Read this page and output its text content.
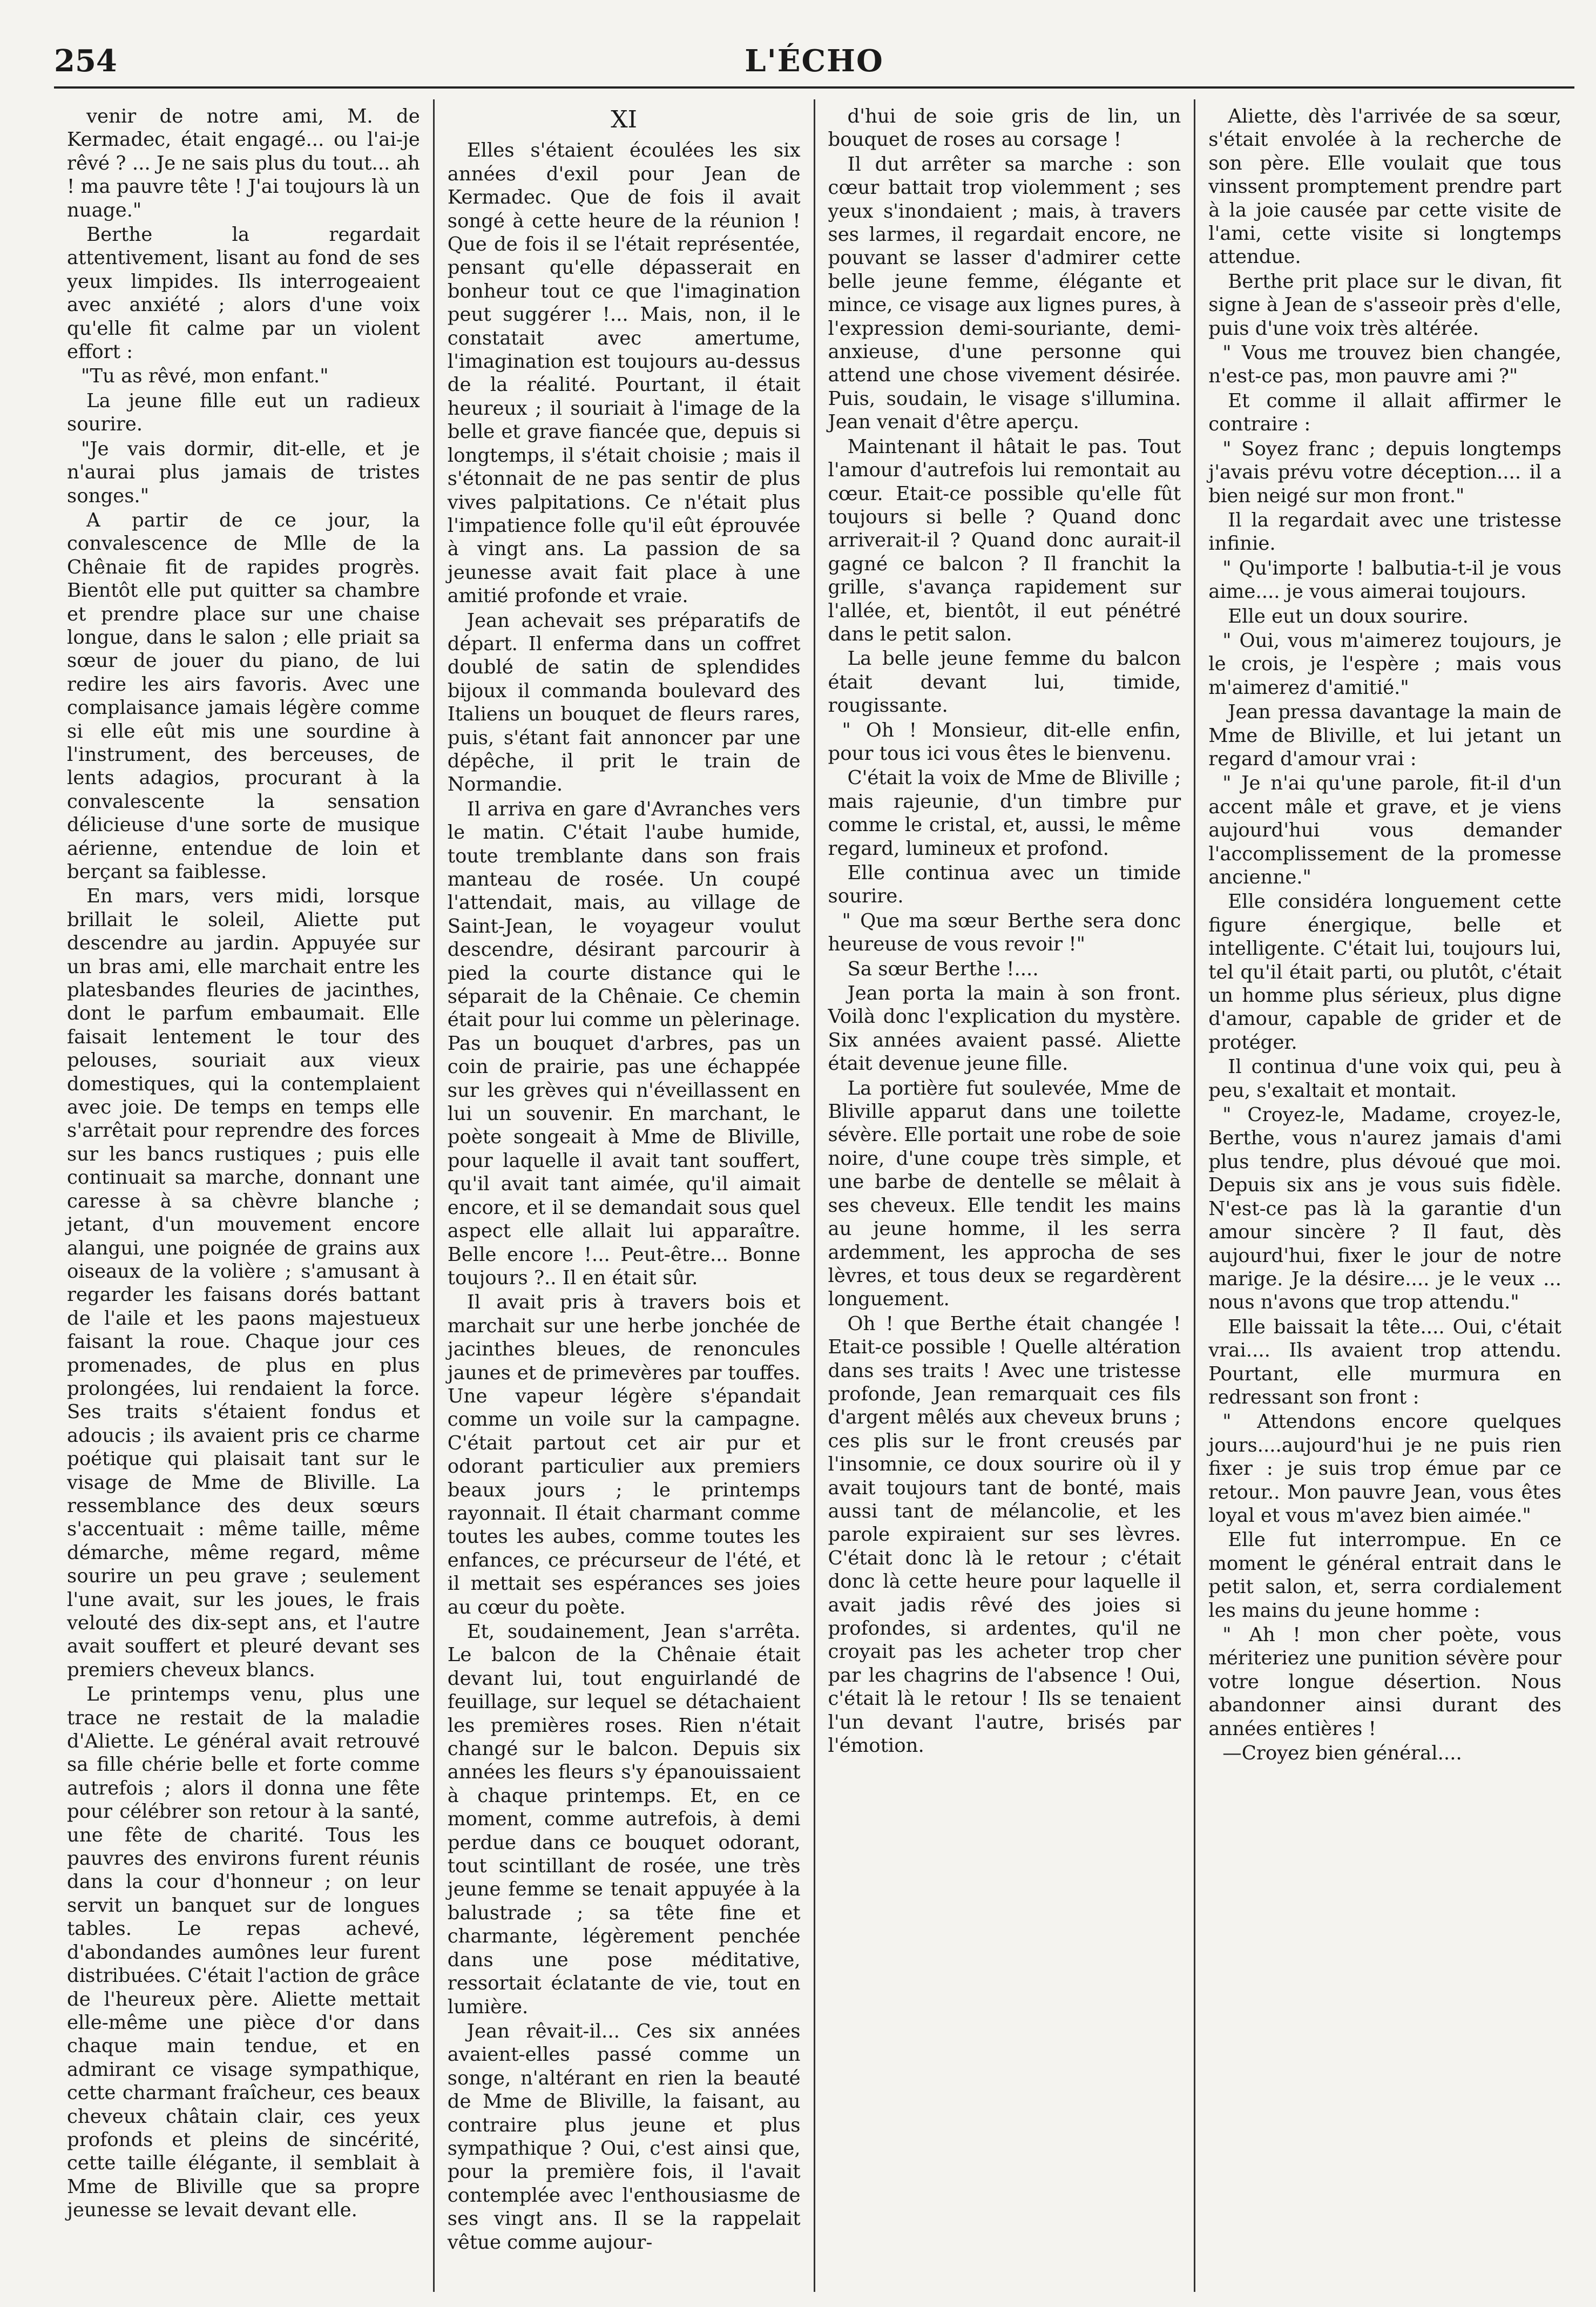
254	L'ÉCHO

venir de notre ami, M. de Kermadec, était engagé... ou l'ai-je rêvé ? ... Je ne sais plus du tout... ah ! ma pauvre tête ! J'ai toujours là un nuage."

Berthe la regardait attentivement, lisant au fond de ses yeux limpides. Ils interrogeaient avec anxiété ; alors d'une voix qu'elle fit calme par un violent effort :

"Tu as rêvé, mon enfant."

La jeune fille eut un radieux sourire.

"Je vais dormir, dit-elle, et je n'aurai plus jamais de tristes songes."

A partir de ce jour, la convalescence de Mlle de la Chênaie fit de rapides progrès. Bientôt elle put quitter sa chambre et prendre place sur une chaise longue, dans le salon ; elle priait sa sœur de jouer du piano, de lui redire les airs favoris. Avec une complaisance jamais légère comme si elle eût mis une sourdine à l'instrument, des berceuses, de lents adagios, procurant à la convalescente la sensation délicieuse d'une sorte de musique aérienne, entendue de loin et berçant sa faiblesse.

En mars, vers midi, lorsque brillait le soleil, Aliette put descendre au jardin. Appuyée sur un bras ami, elle marchait entre les platesbandes fleuries de jacinthes, dont le parfum embaumait. Elle faisait lentement le tour des pelouses, souriait aux vieux domestiques, qui la contemplaient avec joie. De temps en temps elle s'arrêtait pour reprendre des forces sur les bancs rustiques ; puis elle continuait sa marche, donnant une caresse à sa chèvre blanche ; jetant, d'un mouvement encore alangui, une poignée de grains aux oiseaux de la volière ; s'amusant à regarder les faisans dorés battant de l'aile et les paons majestueux faisant la roue. Chaque jour ces promenades, de plus en plus prolongées, lui rendaient la force. Ses traits s'étaient fondus et adoucis ; ils avaient pris ce charme poétique qui plaisait tant sur le visage de Mme de Bliville. La ressemblance des deux sœurs s'accentuait : même taille, même démarche, même regard, même sourire un peu grave ; seulement l'une avait, sur les joues, le frais velouté des dix-sept ans, et l'autre avait souffert et pleuré devant ses premiers cheveux blancs.

Le printemps venu, plus une trace ne restait de la maladie d'Aliette. Le général avait retrouvé sa fille chérie belle et forte comme autrefois ; alors il donna une fête pour célébrer son retour à la santé, une fête de charité. Tous les pauvres des environs furent réunis dans la cour d'honneur ; on leur servit un banquet sur de longues tables. Le repas achevé, d'abondandes aumônes leur furent distribuées. C'était l'action de grâce de l'heureux père. Aliette mettait elle-même une pièce d'or dans chaque main tendue, et en admirant ce visage sympathique, cette charmant fraîcheur, ces beaux cheveux châtain clair, ces yeux profonds et pleins de sincérité, cette taille élégante, il semblait à Mme de Bliville que sa propre jeunesse se levait devant elle.

XI

Elles s'étaient écoulées les six années d'exil pour Jean de Kermadec. Que de fois il avait songé à cette heure de la réunion ! Que de fois il se l'était représentée, pensant qu'elle dépasserait en bonheur tout ce que l'imagination peut suggérer !... Mais, non, il le constatait avec amertume, l'imagination est toujours au-dessus de la réalité. Pourtant, il était heureux ; il souriait à l'image de la belle et grave fiancée que, depuis si longtemps, il s'était choisie ; mais il s'étonnait de ne pas sentir de plus vives palpitations. Ce n'était plus l'impatience folle qu'il eût éprouvée à vingt ans. La passion de sa jeunesse avait fait place à une amitié profonde et vraie.

Jean achevait ses préparatifs de départ. Il enferma dans un coffret doublé de satin de splendides bijoux il commanda boulevard des Italiens un bouquet de fleurs rares, puis, s'étant fait annoncer par une dépêche, il prit le train de Normandie.

Il arriva en gare d'Avranches vers le matin. C'était l'aube humide, toute tremblante dans son frais manteau de rosée. Un coupé l'attendait, mais, au village de Saint-Jean, le voyageur voulut descendre, désirant parcourir à pied la courte distance qui le séparait de la Chênaie. Ce chemin était pour lui comme un pèlerinage. Pas un bouquet d'arbres, pas un coin de prairie, pas une échappée sur les grèves qui n'éveillassent en lui un souvenir. En marchant, le poète songeait à Mme de Bliville, pour laquelle il avait tant souffert, qu'il avait tant aimée, qu'il aimait encore, et il se demandait sous quel aspect elle allait lui apparaître. Belle encore !... Peut-être... Bonne toujours ?.. Il en était sûr.

Il avait pris à travers bois et marchait sur une herbe jonchée de jacinthes bleues, de renoncules jaunes et de primevères par touffes. Une vapeur légère s'épandait comme un voile sur la campagne. C'était partout cet air pur et odorant particulier aux premiers beaux jours ; le printemps rayonnait. Il était charmant comme toutes les aubes, comme toutes les enfances, ce précurseur de l'été, et il mettait ses espérances ses joies au cœur du poète.

Et, soudainement, Jean s'arrêta. Le balcon de la Chênaie était devant lui, tout enguirlandé de feuillage, sur lequel se détachaient les premières roses. Rien n'était changé sur le balcon. Depuis six années les fleurs s'y épanouissaient à chaque printemps. Et, en ce moment, comme autrefois, à demi perdue dans ce bouquet odorant, tout scintillant de rosée, une très jeune femme se tenait appuyée à la balustrade ; sa tête fine et charmante, légèrement penchée dans une pose méditative, ressortait éclatante de vie, tout en lumière.

Jean rêvait-il... Ces six années avaient-elles passé comme un songe, n'altérant en rien la beauté de Mme de Bliville, la faisant, au contraire plus jeune et plus sympathique ? Oui, c'est ainsi que, pour la première fois, il l'avait contemplée avec l'enthousiasme de ses vingt ans. Il se la rappelait vêtue comme aujour-

d'hui de soie gris de lin, un bouquet de roses au corsage !

Il dut arrêter sa marche : son cœur battait trop violemment ; ses yeux s'inondaient ; mais, à travers ses larmes, il regardait encore, ne pouvant se lasser d'admirer cette belle jeune femme, élégante et mince, ce visage aux lignes pures, à l'expression demi-souriante, demi-anxieuse, d'une personne qui attend une chose vivement désirée. Puis, soudain, le visage s'illumina. Jean venait d'être aperçu.

Maintenant il hâtait le pas. Tout l'amour d'autrefois lui remontait au cœur. Etait-ce possible qu'elle fût toujours si belle ? Quand donc arriverait-il ? Quand donc aurait-il gagné ce balcon ? Il franchit la grille, s'avança rapidement sur l'allée, et, bientôt, il eut pénétré dans le petit salon.

La belle jeune femme du balcon était devant lui, timide, rougissante.

" Oh ! Monsieur, dit-elle enfin, pour tous ici vous êtes le bienvenu.

C'était la voix de Mme de Bliville ; mais rajeunie, d'un timbre pur comme le cristal, et, aussi, le même regard, lumineux et profond.

Elle continua avec un timide sourire.

" Que ma sœur Berthe sera donc heureuse de vous revoir !"

Sa sœur Berthe !....

Jean porta la main à son front. Voilà donc l'explication du mystère. Six années avaient passé. Aliette était devenue jeune fille.

La portière fut soulevée, Mme de Bliville apparut dans une toilette sévère. Elle portait une robe de soie noire, d'une coupe très simple, et une barbe de dentelle se mêlait à ses cheveux. Elle tendit les mains au jeune homme, il les serra ardemment, les approcha de ses lèvres, et tous deux se regardèrent longuement.

Oh ! que Berthe était changée ! Etait-ce possible ! Quelle altération dans ses traits ! Avec une tristesse profonde, Jean remarquait ces fils d'argent mêlés aux cheveux bruns ; ces plis sur le front creusés par l'insomnie, ce doux sourire où il y avait toujours tant de bonté, mais aussi tant de mélancolie, et les parole expiraient sur ses lèvres. C'était donc là le retour ; c'était donc là cette heure pour laquelle il avait jadis rêvé des joies si profondes, si ardentes, qu'il ne croyait pas les acheter trop cher par les chagrins de l'absence ! Oui, c'était là le retour ! Ils se tenaient l'un devant l'autre, brisés par l'émotion.

Aliette, dès l'arrivée de sa sœur, s'était envolée à la recherche de son père. Elle voulait que tous vinssent promptement prendre part à la joie causée par cette visite de l'ami, cette visite si longtemps attendue.

Berthe prit place sur le divan, fit signe à Jean de s'asseoir près d'elle, puis d'une voix très altérée.

" Vous me trouvez bien changée, n'est-ce pas, mon pauvre ami ?"

Et comme il allait affirmer le contraire :

" Soyez franc ; depuis longtemps j'avais prévu votre déception.... il a bien neigé sur mon front."

Il la regardait avec une tristesse infinie.

" Qu'importe ! balbutia-t-il je vous aime.... je vous aimerai toujours.

Elle eut un doux sourire.

" Oui, vous m'aimerez toujours, je le crois, je l'espère ; mais vous m'aimerez d'amitié."

Jean pressa davantage la main de Mme de Bliville, et lui jetant un regard d'amour vrai :

" Je n'ai qu'une parole, fit-il d'un accent mâle et grave, et je viens aujourd'hui vous demander l'accomplissement de la promesse ancienne."

Elle considéra longuement cette figure énergique, belle et intelligente. C'était lui, toujours lui, tel qu'il était parti, ou plutôt, c'était un homme plus sérieux, plus digne d'amour, capable de grider et de protéger.

Il continua d'une voix qui, peu à peu, s'exaltait et montait.

" Croyez-le, Madame, croyez-le, Berthe, vous n'aurez jamais d'ami plus tendre, plus dévoué que moi. Depuis six ans je vous suis fidèle. N'est-ce pas là la garantie d'un amour sincère ? Il faut, dès aujourd'hui, fixer le jour de notre marige. Je la désire.... je le veux ... nous n'avons que trop attendu."

Elle baissait la tête.... Oui, c'était vrai.... Ils avaient trop attendu. Pourtant, elle murmura en redressant son front :

" Attendons encore quelques jours....aujourd'hui je ne puis rien fixer : je suis trop émue par ce retour.. Mon pauvre Jean, vous êtes loyal et vous m'avez bien aimée."

Elle fut interrompue. En ce moment le général entrait dans le petit salon, et, serra cordialement les mains du jeune homme :

" Ah ! mon cher poète, vous mériteriez une punition sévère pour votre longue désertion. Nous abandonner ainsi durant des années entières !

—Croyez bien général....
